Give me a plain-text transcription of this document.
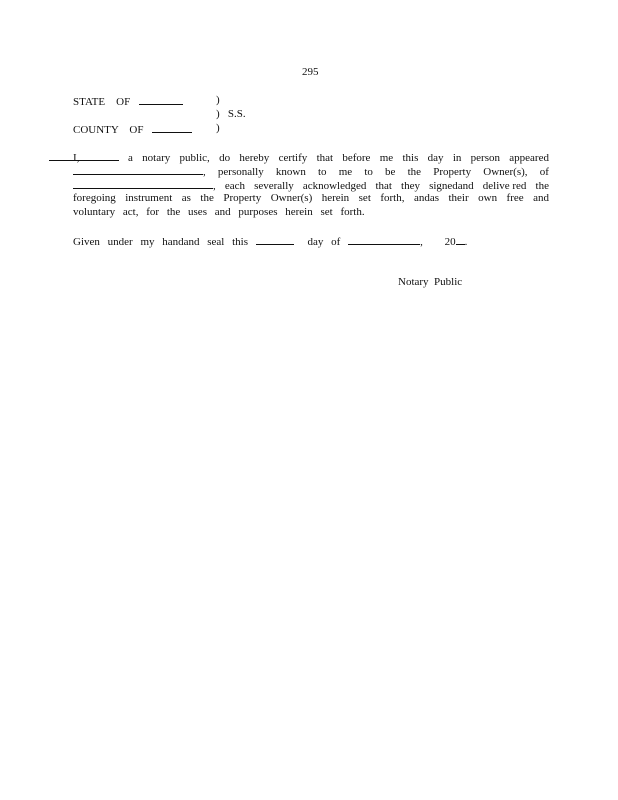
295
STATE    OF	)
)   S.S.
COUNTY    OF	)
I,	a notary public, do hereby certify that before me this day in person appeared
, personally known to me to be the Property Owner(s), of
, each severally acknowledged that they signedand delive red the
foregoing instrument as the Property Owner(s) herein set forth, andas their own free and
voluntary act, for the uses and purposes herein set forth.
Given under my handand seal this	day of	, 20 .
Notary  Public
